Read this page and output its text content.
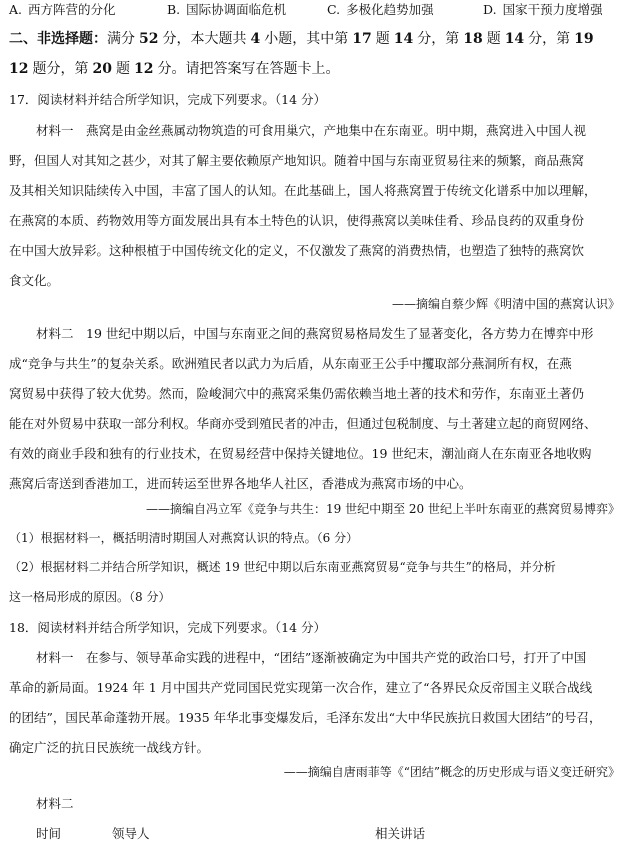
A. 西方阵营的分化	B. 国际协调面临危机	C. 多极化趋势加强	D. 国家干预力度增强
二、非选择题：满分 52 分，本大题共 4 小题，其中第 17 题 14 分，第 18 题 14 分，第 19
12 题分，第 20 题 12 分。请把答案写在答题卡上。
17．阅读材料并结合所学知识，完成下列要求。（14 分）
材料一　燕窝是由金丝燕属动物筑造的可食用巢穴，产地集中在东南亚。明中期，燕窝进入中国人视
野，但国人对其知之甚少，对其了解主要依赖原产地知识。随着中国与东南亚贸易往来的频繁，商品燕窝
及其相关知识陆续传入中国，丰富了国人的认知。在此基础上，国人将燕窝置于传统文化谱系中加以理解，
在燕窝的本质、药物效用等方面发展出具有本土特色的认识，使得燕窝以美味佳肴、珍品良药的双重身份
在中国大放异彩。这种根植于中国传统文化的定义，不仅激发了燕窝的消费热情，也塑造了独特的燕窝饮
食文化。
——摘编自蔡少辉《明清中国的燕窝认识》
材料二　19 世纪中期以后，中国与东南亚之间的燕窝贸易格局发生了显著变化，各方势力在博弈中形
成“竞争与共生”的复杂关系。欧洲殖民者以武力为后盾，从东南亚王公手中攫取部分燕洞所有权，在燕
窝贸易中获得了较大优势。然而，险峻洞穴中的燕窝采集仍需依赖当地土著的技术和劳作，东南亚土著仍
能在对外贸易中获取一部分利权。华商亦受到殖民者的冲击，但通过包税制度、与土著建立起的商贸网络、
有效的商业手段和独有的行业技术，在贸易经营中保持关键地位。19 世纪末，潮汕商人在东南亚各地收购
燕窝后寄送到香港加工，进而转运至世界各地华人社区，香港成为燕窝市场的中心。
——摘编自冯立军《竞争与共生：19 世纪中期至 20 世纪上半叶东南亚的燕窝贸易博弈》
（1）根据材料一，概括明清时期国人对燕窝认识的特点。（6 分）
（2）根据材料二并结合所学知识，概述 19 世纪中期以后东南亚燕窝贸易“竞争与共生”的格局，并分析
这一格局形成的原因。（8 分）
18．阅读材料并结合所学知识，完成下列要求。（14 分）
材料一　在参与、领导革命实践的进程中，“团结”逐渐被确定为中国共产党的政治口号，打开了中国
革命的新局面。1924 年 1 月中国共产党同国民党实现第一次合作，建立了“各界民众反帝国主义联合战线
的团结”，国民革命蓬勃开展。1935 年华北事变爆发后，毛泽东发出“大中华民族抗日救国大团结”的号召，
确定广泛的抗日民族统一战线方针。
——摘编自唐雨菲等《“团结”概念的历史形成与语义变迁研究》
材料二
时间	领导人	相关讲话
